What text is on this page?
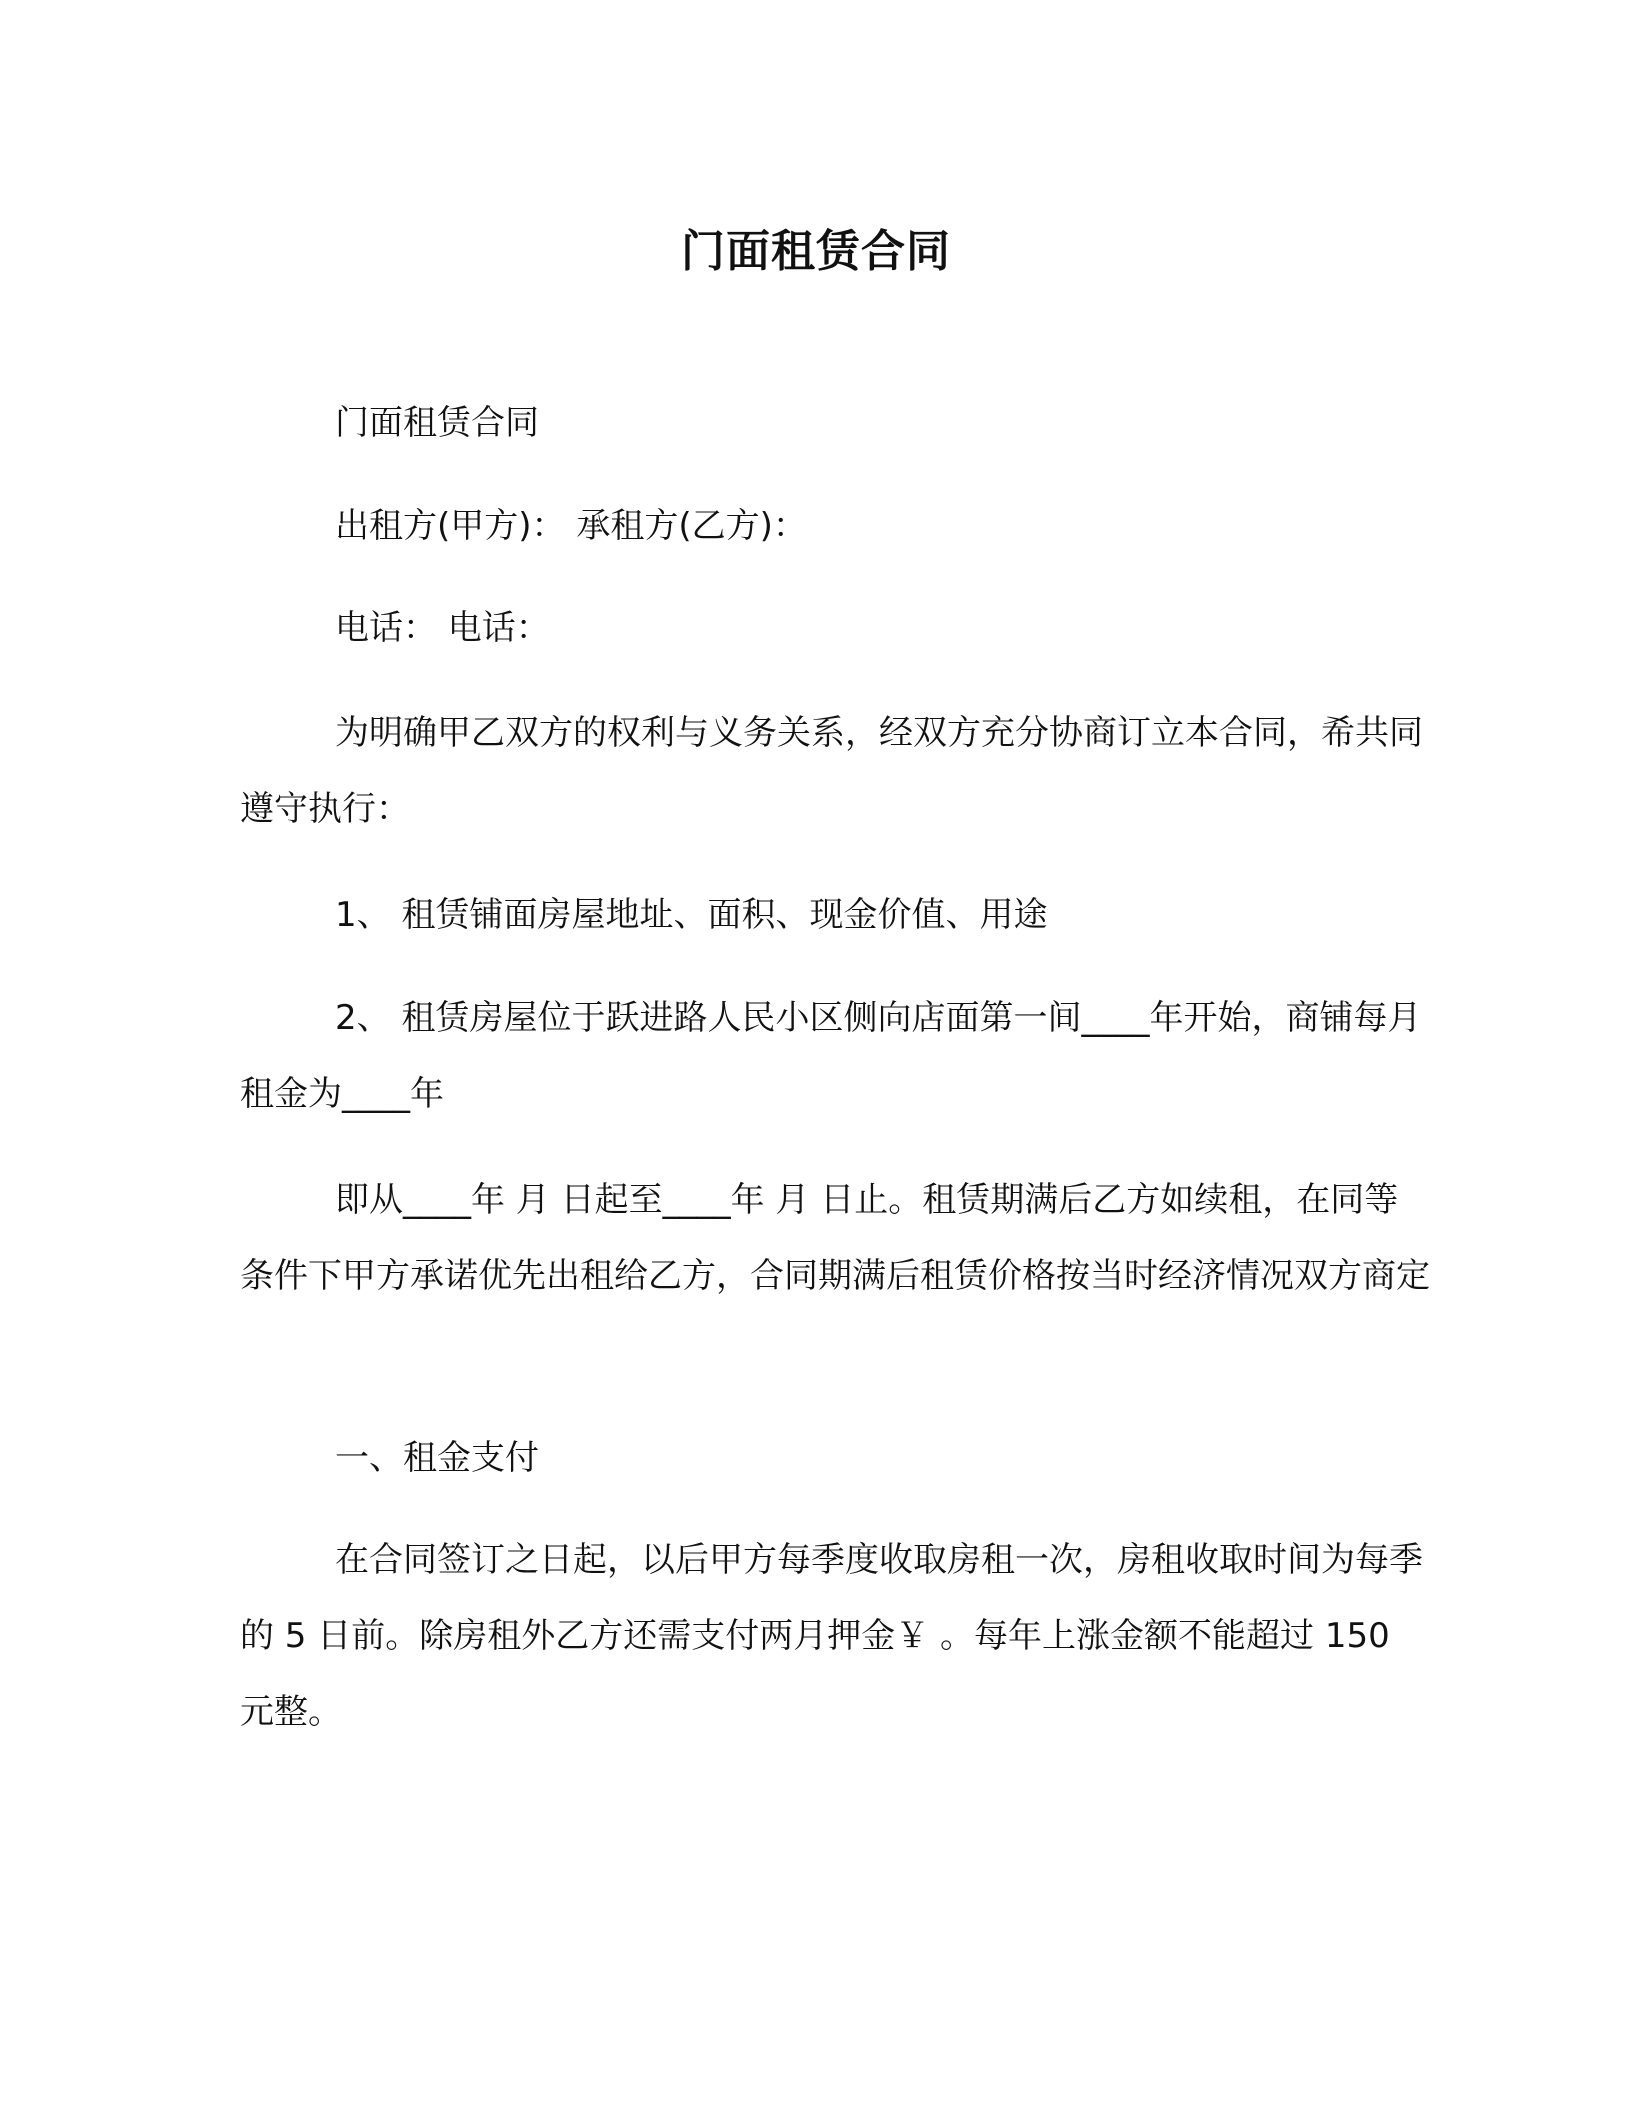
门面租赁合同

门面租赁合同

出租方(甲方)： 承租方(乙方)：

电话： 电话：

为明确甲乙双方的权利与义务关系，经双方充分协商订立本合同，希共同遵守执行：

1、 租赁铺面房屋地址、面积、现金价值、用途

2、 租赁房屋位于跃进路人民小区侧向店面第一间____年开始，商铺每月租金为____年

即从____年 月 日起至____年 月 日止。租赁期满后乙方如续租，在同等条件下甲方承诺优先出租给乙方，合同期满后租赁价格按当时经济情况双方商定

一、租金支付

在合同签订之日起，以后甲方每季度收取房租一次，房租收取时间为每季的 5 日前。除房租外乙方还需支付两月押金￥ 。每年上涨金额不能超过 150 元整。
